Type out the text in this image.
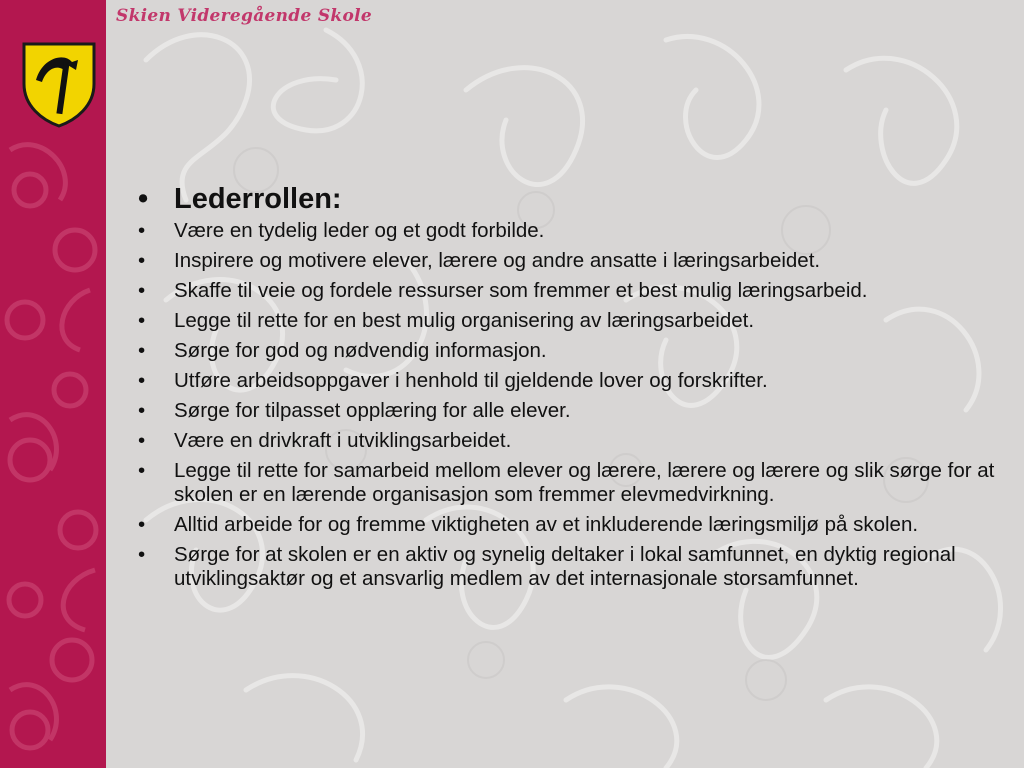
Skien Videregående Skole
• Lederrollen:
• Være en tydelig leder og et godt forbilde.
• Inspirere og motivere elever, lærere og andre ansatte i læringsarbeidet.
• Skaffe til veie og fordele ressurser som fremmer et best mulig læringsarbeid.
• Legge til rette for en best mulig organisering av læringsarbeidet.
• Sørge for god og nødvendig informasjon.
• Utføre arbeidsoppgaver i henhold til gjeldende lover og forskrifter.
• Sørge for tilpasset opplæring for alle elever.
• Være en drivkraft i utviklingsarbeidet.
• Legge til rette for samarbeid mellom elever og lærere, lærere og lærere og slik sørge for at skolen er en lærende organisasjon som fremmer elevmedvirkning.
• Alltid arbeide for og fremme viktigheten av et inkluderende læringsmiljø på skolen.
• Sørge for at skolen er en aktiv og synelig deltaker i lokal samfunnet, en dyktig regional utviklingsaktør og et ansvarlig medlem av det internasjonale storsamfunnet.
